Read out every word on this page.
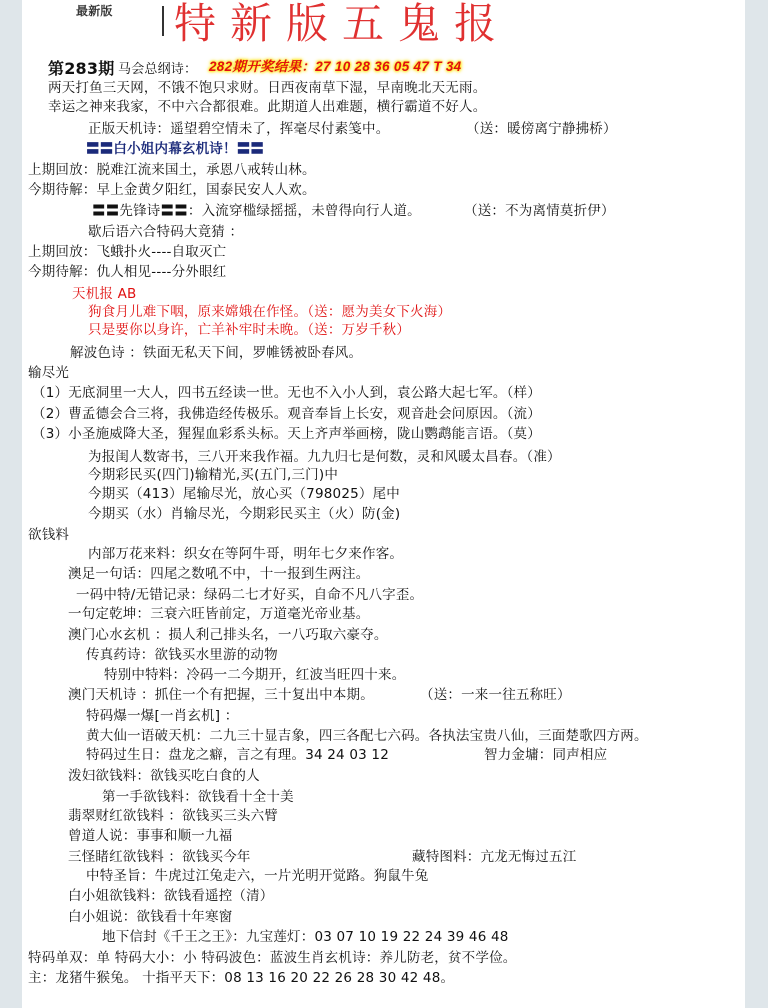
最新版 特新版五鬼报
第283期 马会总纲诗： 282期开奖结果：27 10 28 36 05 47 T 34
两天打鱼三天网，不饿不饱只求财。日西夜南草下湿，早南晚北天无雨。
幸运之神来我家，不中六合都很难。此期道人出难题，横行霸道不好人。
正版天机诗：遥望碧空情未了，挥毫尽付素笺中。	（送：暖傍离宁静拂桥）
〓〓白小姐内幕玄机诗！〓〓
上期回放：脱难江流来国土，承恩八戒转山林。
今期待解：早上金黄夕阳红，国泰民安人人欢。
〓〓先锋诗〓〓：入流穿槛绿摇摇，未曾得向行人道。	（送：不为离情莫折伊）
歇后语六合特码大竟猜 ：
上期回放：飞蛾扑火----自取灭亡
今期待解：仇人相见----分外眼红
天机报 AB
狗食月儿难下咽，原来嫦娥在作怪。（送：愿为美女下火海）
只是要你以身许，亡羊补牢时未晚。（送：万岁千秋）
解波色诗 ：铁面无私天下间，罗帷锈被卧春风。
输尽光
（1）无底洞里一大人，四书五经读一世。无也不入小人到，袁公路大起七军。（样）
（2）曹孟德会合三将，我佛造经传极乐。观音奉旨上长安，观音赴会问原因。（流）
（3）小圣施威降大圣，猩猩血彩系头标。天上齐声举画榜，陇山鹦鹉能言语。（莫）
为报闺人数寄书，三八开来我作福。九九归七是何数，灵和风暖太昌春。（准）
今期彩民买(四门)输精光,买(五门,三门)中
今期买（413）尾输尽光，放心买（798025）尾中
今期买（水）肖输尽光，今期彩民买主（火）防(金)
欲钱料
内部万花来料：织女在等阿牛哥，明年七夕来作客。
澳足一句话：四尾之数吼不中，十一报到生两注。
一码中特/无错记录：绿码二七才好买，自命不凡八字歪。
一句定乾坤：三衰六旺皆前定，万道毫光帝业基。
澳门心水玄机 ：损人利己排头名，一八巧取六豪夺。
传真药诗：欲钱买水里游的动物
特别中特料：冷码一二今期开，红波当旺四十来。
澳门天机诗 ：抓住一个有把握，三十复出中本期。	（送：一来一往五称旺）
特码爆一爆[一肖玄机] ：
黄大仙一语破天机：二九三十显吉象，四三各配七六码。各执法宝贵八仙，三面楚歌四方两。
特码过生日：盘龙之癖，言之有理。34 24 03 12	智力金墉：同声相应
泼妇欲钱料：欲钱买吃白食的人
第一手欲钱料：欲钱看十全十美
翡翠财红欲钱料 ：欲钱买三头六臂
曾道人说：事事和顺一九福
三怪睹红欲钱料 ：欲钱买今年	藏特图料：亢龙无悔过五江
中特圣旨：牛虎过江兔走六，一片光明开觉路。狗鼠牛兔
白小姐欲钱料：欲钱看遥控（清）
白小姐说：欲钱看十年寒窗
地下信封《千王之王》：九宝莲灯：03 07 10 19 22 24 39 46 48
特码单双：单 特码大小：小 特码波色：蓝波生肖玄机诗：养儿防老，贫不学俭。
主：龙猪牛猴兔。 十指平天下：08 13 16 20 22 26 28 30 42 48。
